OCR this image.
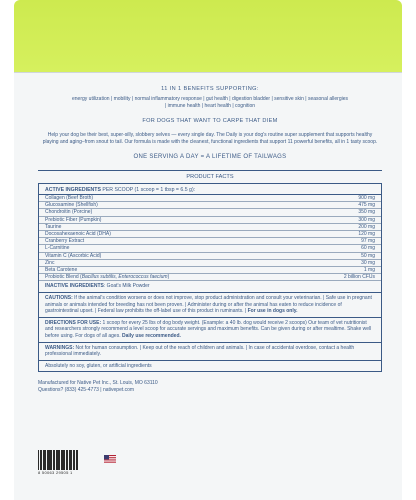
11 IN 1 BENEFITS SUPPORTING:
energy utilization | mobility | normal inflammatory response | gut health | digestion bladder | sensitive skin | seasonal allergies | immune health | heart health | cognition
FOR DOGS THAT WANT TO CARPE THAT DIEM
Help your dog be their best, super-silly, slobbery selves — every single day. The Daily is your dog's routine super supplement that supports healthy playing and aging–from snout to tail. Our formula is made with the cleanest, functional ingredients that support 11 powerful benefits, all in 1 tasty scoop.
ONE SERVING A DAY = A LIFETIME OF TAILWAGS
PRODUCT FACTS
ACTIVE INGREDIENTS PER SCOOP (1 scoop = 1 tbsp = 6.5 g):
Collagen (Beef Broth)	900 mg
Glucosamine (Shellfish)	475 mg
Chondroitin (Porcine)	350 mg
Prebiotic Fiber (Pumpkin)	300 mg
Taurine	200 mg
Docosahexaenoic Acid (DHA)	120 mg
Cranberry Extract	97 mg
L-Carnitine	60 mg
Vitamin C (Ascorbic Acid)	50 mg
Zinc	30 mg
Beta Carotene	1 mg
Probiotic Blend (Bacillus subtilis, Enterococcus faecium)	2 billion CFUs
INACTIVE INGREDIENTS: Goat's Milk Powder
CAUTIONS: If the animal's condition worsens or does not improve, stop product administration and consult your veterinarian. | Safe use in pregnant animals or animals intended for breeding has not been proven. | Administer during or after the animal has eaten to reduce incidence of gastrointestinal upset. | Federal law prohibits the off-label use of this product in ruminants. | For use in dogs only.
DIRECTIONS FOR USE: 1 scoop for every 25 lbs of dog body weight. (Example: a 40 lb. dog would receive 2 scoops) Our team of vet nutritionist and researchers strongly recommend a level scoop for accurate servings and maximum benefits. Can be given during or after mealtime. Shake well before using. For dogs of all ages. Daily use recommended.
WARNINGS: Not for human consumption. | Keep out of the reach of children and animals. | In case of accidental overdose, contact a health professional immediately.
Absolutely no soy, gluten, or artificial ingredients
Manufactured for Native Pet Inc., St. Louis, MO 63110
Questions? (833) 425-4773 | nativepet.com
8 50063 29505 1
